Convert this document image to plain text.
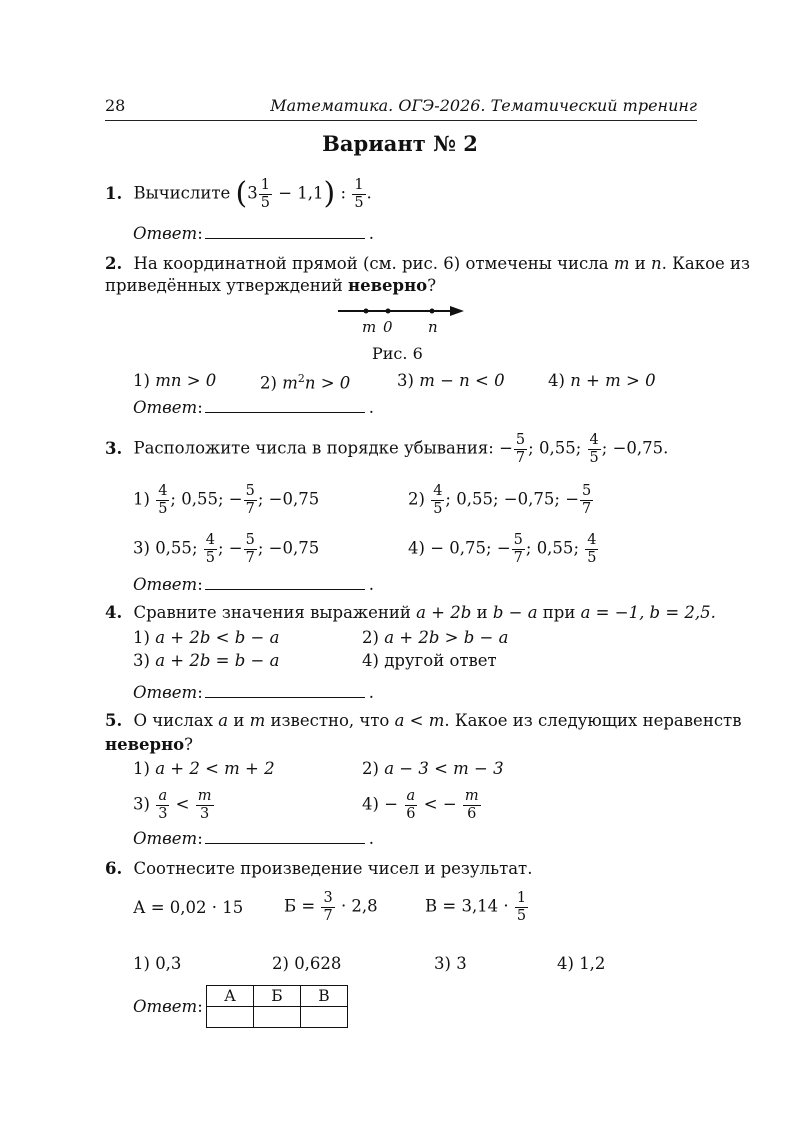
28	Математика. ОГЭ-2026. Тематический тренинг
Вариант № 2
1. Вычислите $(3 \frac{1}{5} - 1,1)$ : $\frac{1}{5}$ .
Ответ:	.
2. На координатной прямой (см. рис. 6) отмечены числа m и n. Какое из
приведённых утверждений неверно?
m 0 n
Рис. 6
1) mn > 0	2) $m^2n > 0$	3) m − n < 0	4) n + m > 0
Ответ:	.
3. Расположите числа в порядке убывания: − $\frac{5}{7}$ ; 0,55; $\frac{4}{5}$ ; −0,75.
$1) \frac{4}{5}$ ; 0,55; − $\frac{5}{7}$ ; −0,75	$2) \frac{4}{5}$ ; 0,55; −0,75; − $\frac{5}{7}$
3) 0,55; $\frac{4}{5}$ ; − $\frac{5}{7}$ ; −0,75	4) − 0,75; − $\frac{5}{7}$ ; 0,55; $\frac{4}{5}$
Ответ:	.
4. Сравните значения выражений a + 2b и b − a при a = −1, b = 2,5.
1) a + 2b < b − a	2) a + 2b > b − a
3) a + 2b = b − a	4) другой ответ
Ответ:	.
5. О числах a и m известно, что a < m. Какое из следующих неравенств
неверно?
1) a + 2 < m + 2	2) a − 3 < m − 3
$3) \frac{a}{3} < \frac{m}{3}$	$4) - \frac{a}{6}$ < − $\frac{m}{6}$
Ответ:	.
6. Соотнесите произведение чисел и результат.
А = 0,02 · 15 $Б = \frac{3}{7} \cdot 2,8$	$В = 3,14 \cdot \frac{1}{5}$
1) 0,3	2) 0,628	3) 3	4) 1,2
Ответ:
А	Б	В
